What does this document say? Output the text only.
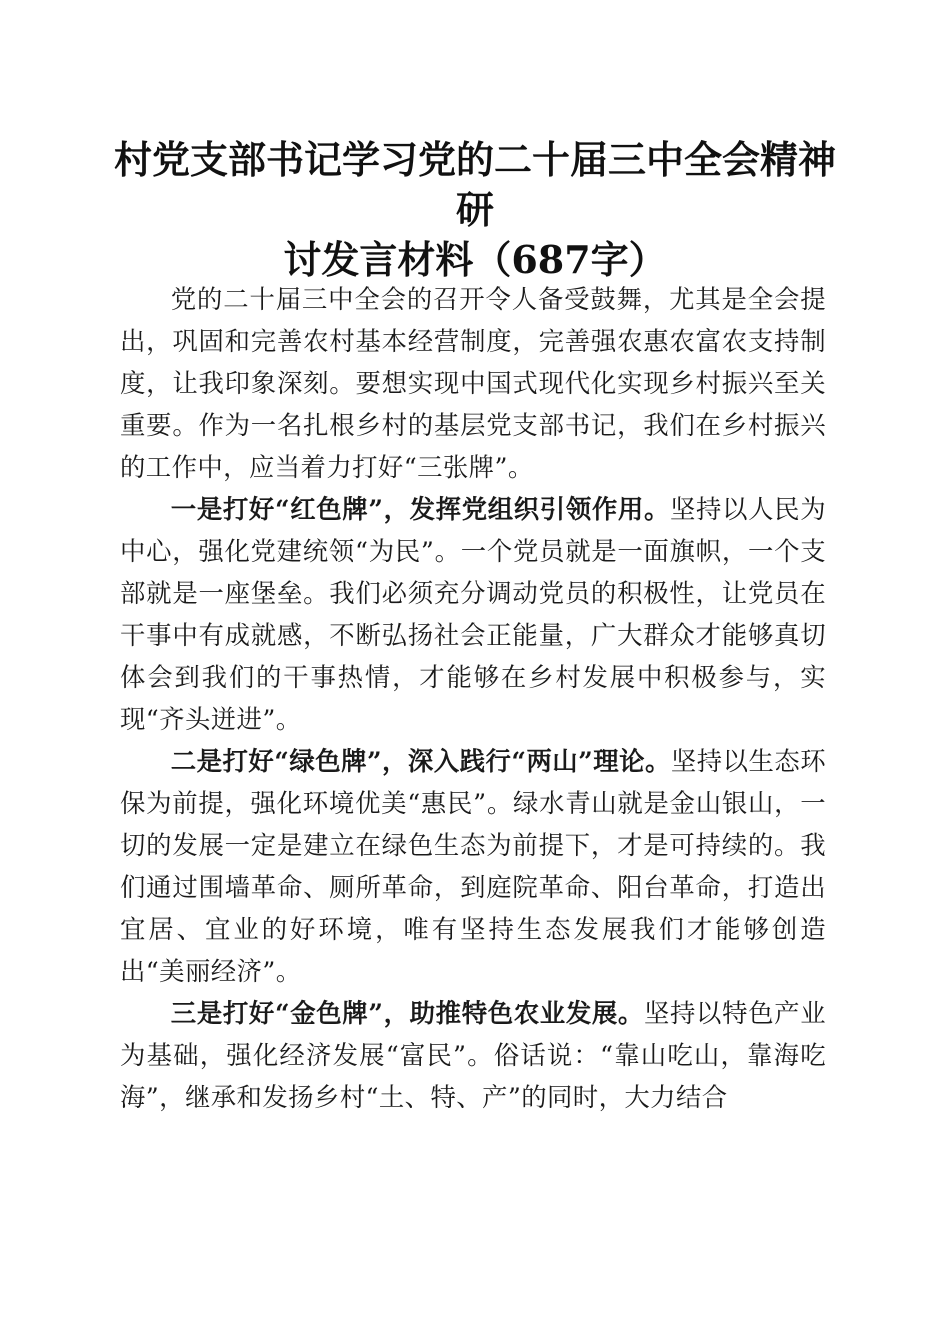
村党支部书记学习党的二十届三中全会精神研
讨发言材料（687字）

党的二十届三中全会的召开令人备受鼓舞，尤其是全会提出，巩固和完善农村基本经营制度，完善强农惠农富农支持制度，让我印象深刻。要想实现中国式现代化实现乡村振兴至关重要。作为一名扎根乡村的基层党支部书记，我们在乡村振兴的工作中，应当着力打好“三张牌”。

一是打好“红色牌”，发挥党组织引领作用。坚持以人民为中心，强化党建统领“为民”。一个党员就是一面旗帜，一个支部就是一座堡垒。我们必须充分调动党员的积极性，让党员在干事中有成就感，不断弘扬社会正能量，广大群众才能够真切体会到我们的干事热情，才能够在乡村发展中积极参与，实现“齐头迸进”。

二是打好“绿色牌”，深入践行“两山”理论。坚持以生态环保为前提，强化环境优美“惠民”。绿水青山就是金山银山，一切的发展一定是建立在绿色生态为前提下，才是可持续的。我们通过围墙革命、厕所革命，到庭院革命、阳台革命，打造出宜居、宜业的好环境，唯有坚持生态发展我们才能够创造出“美丽经济”。

三是打好“金色牌”，助推特色农业发展。坚持以特色产业为基础，强化经济发展“富民”。俗话说：“靠山吃山，靠海吃海”，继承和发扬乡村“土、特、产”的同时，大力结合
